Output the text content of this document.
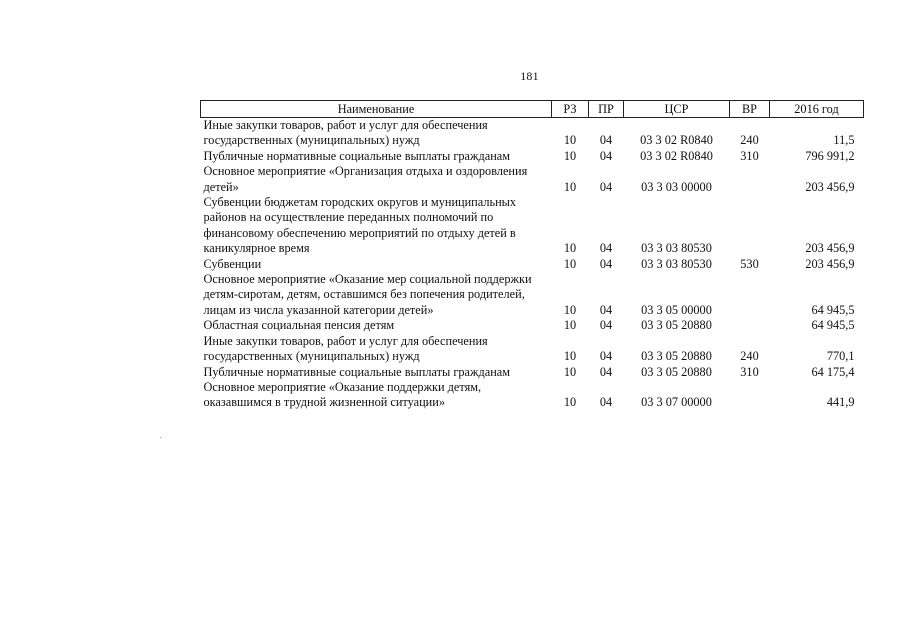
181
Наименование	РЗ	ПР	ЦСР	ВР	2016 год
Иные закупки товаров, работ и услуг для обеспечения государственных (муниципальных) нужд	10	04	03 3 02 R0840	240	11,5
Публичные нормативные социальные выплаты гражданам	10	04	03 3 02 R0840	310	796 991,2
Основное мероприятие «Организация отдыха и оздоровления детей»	10	04	03 3 03 00000		203 456,9
Субвенции бюджетам городских округов и муниципальных районов на осуществление переданных полномочий по финансовому обеспечению мероприятий по отдыху детей в каникулярное время	10	04	03 3 03 80530		203 456,9
Субвенции	10	04	03 3 03 80530	530	203 456,9
Основное мероприятие «Оказание мер социальной поддержки детям-сиротам, детям, оставшимся без попечения родителей, лицам из числа указанной категории детей»	10	04	03 3 05 00000		64 945,5
Областная социальная пенсия детям	10	04	03 3 05 20880		64 945,5
Иные закупки товаров, работ и услуг для обеспечения государственных (муниципальных) нужд	10	04	03 3 05 20880	240	770,1
Публичные нормативные социальные выплаты гражданам	10	04	03 3 05 20880	310	64 175,4
Основное мероприятие «Оказание поддержки детям, оказавшимся в трудной жизненной ситуации»	10	04	03 3 07 00000		441,9
